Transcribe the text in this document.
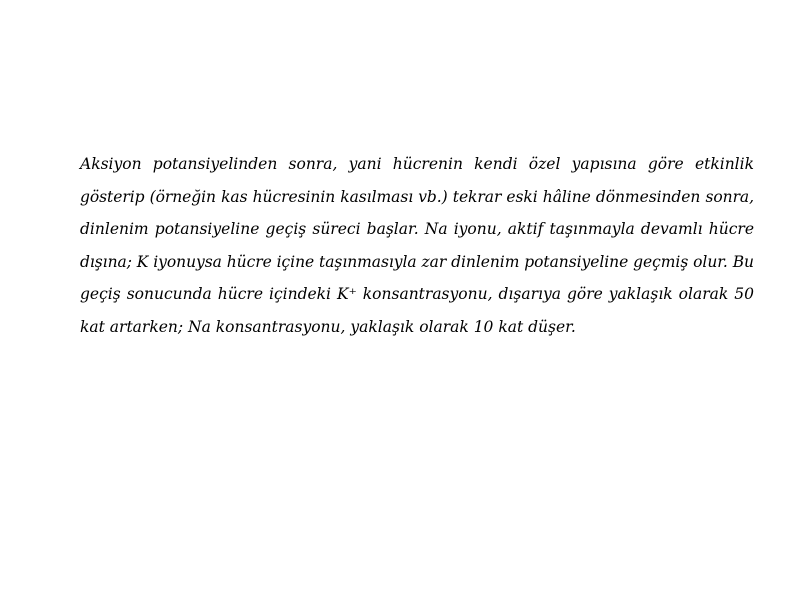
Aksiyon potansiyelinden sonra, yani hücrenin kendi özel yapısına göre etkinlik
gösterip (örneğin kas hücresinin kasılması vb.) tekrar eski hâline dönmesinden sonra,
dinlenim potansiyeline geçiş süreci başlar. Na iyonu, aktif taşınmayla devamlı hücre
dışına; K iyonuysa hücre içine taşınmasıyla zar dinlenim potansiyeline geçmiş olur. Bu
geçiş sonucunda hücre içindeki K⁺ konsantrasyonu, dışarıya göre yaklaşık olarak 50
kat artarken; Na konsantrasyonu, yaklaşık olarak 10 kat düşer.
